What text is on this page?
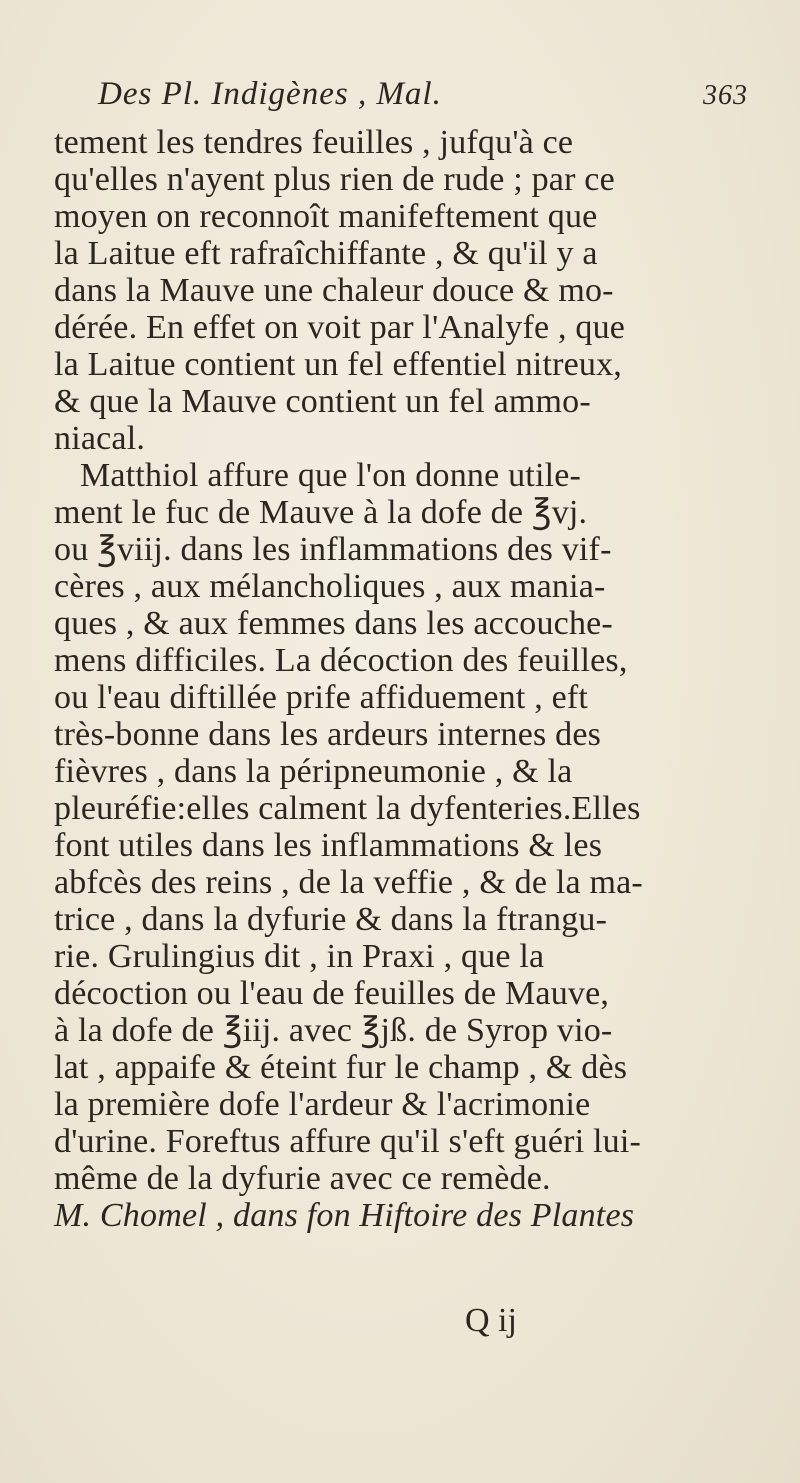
Des Pl. Indigènes , Mal.	363
tement les tendres feuilles , jufqu'à ce
qu'elles n'ayent plus rien de rude ; par ce
moyen on reconnoît manifeftement que
la Laitue eft rafraîchiffante , & qu'il y a
dans la Mauve une chaleur douce & mo-
dérée. En effet on voit par l'Analyfe , que
la Laitue contient un fel effentiel nitreux,
& que la Mauve contient un fel ammo-
niacal.
Matthiol affure que l'on donne utile-
ment le fuc de Mauve à la dofe de ℥vj.
ou ℥viij. dans les inflammations des vif-
cères , aux mélancholiques , aux mania-
ques , & aux femmes dans les accouche-
mens difficiles. La décoction des feuilles,
ou l'eau diftillée prife affiduement , eft
très-bonne dans les ardeurs internes des
fièvres , dans la péripneumonie , & la
pleuréfie:elles calment la dyfenteries.Elles
font utiles dans les inflammations & les
abfcès des reins , de la veffie , & de la ma-
trice , dans la dyfurie & dans la ftrangu-
rie. Grulingius dit , in Praxi , que la
décoction ou l'eau de feuilles de Mauve,
à la dofe de ℥iij. avec ℥jß. de Syrop vio-
lat , appaife & éteint fur le champ , & dès
la première dofe l'ardeur & l'acrimonie
d'urine. Foreftus affure qu'il s'eft guéri lui-
même de la dyfurie avec ce remède.
M. Chomel , dans fon Hiftoire des Plantes
Q ij
